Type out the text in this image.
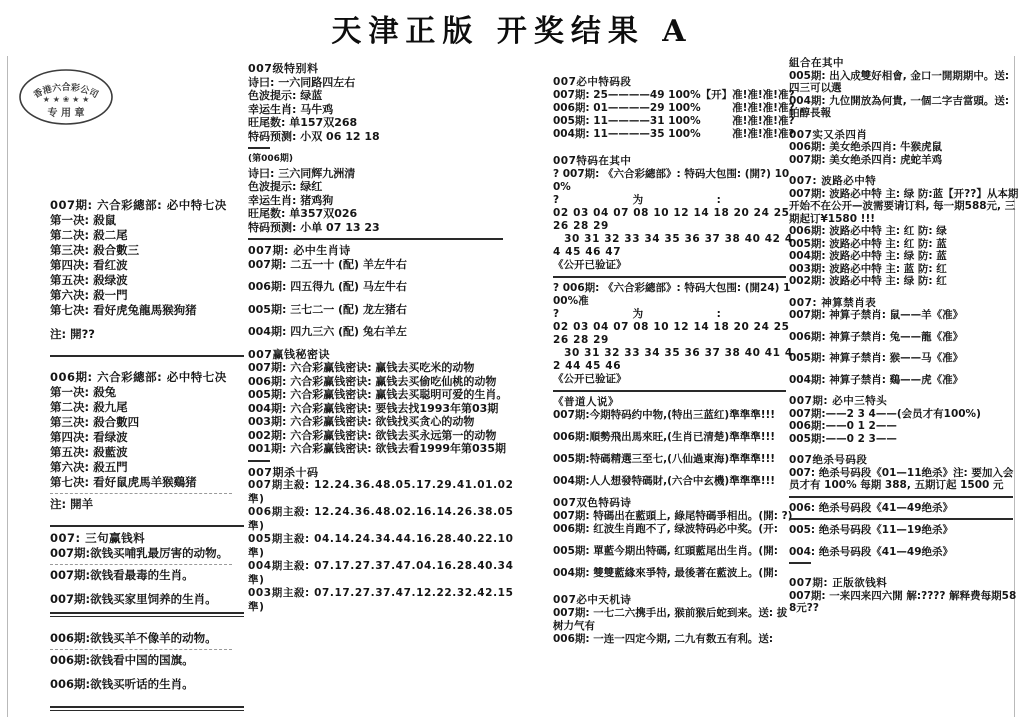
天津正版 开奖结果 A
香港六合彩公司
★ ★ ❀ ★ ★
专 用 章
007期: 六合彩總部: 必中特七决
第一决: 殺鼠
第二决: 殺二尾
第三决: 殺合數三
第四决: 看红波
第五决: 殺绿波
第六决: 殺一門
第七决: 看好虎兔龍馬猴狗猪
注: 開??
006期: 六合彩總部: 必中特七决
第一决: 殺兔
第二决: 殺九尾
第三决: 殺合數四
第四决: 看绿波
第五决: 殺藍波
第六决: 殺五門
第七决: 看好鼠虎馬羊猴鷄猪
注: 開羊
007: 三句赢钱料
007期:欲钱买哺乳最厉害的动物。
007期:欲钱看最毒的生肖。
007期:欲钱买家里饲养的生肖。
006期:欲钱买羊不像羊的动物。
006期:欲钱看中国的国旗。
006期:欲钱买听话的生肖。
007级特别料
诗曰: 一六同路四左右
色波提示: 绿蓝
幸运生肖: 马牛鸡
旺尾数: 单157双268
特码预测: 小双 06 12 18
(第006期)
诗曰: 三六同辉九洲清
色波提示: 绿红
幸运生肖: 猪鸡狗
旺尾数: 单357双026
特码预测: 小单 07 13 23
007期: 必中生肖诗
007期: 二五一十 (配) 羊左牛右
006期: 四五得九 (配) 马左牛右
005期: 三七二一 (配) 龙左猪右
004期: 四九三六 (配) 兔右羊左
007赢钱秘密诀
007期: 六合彩赢钱密诀: 赢钱去买吃米的动物
006期: 六合彩赢钱密诀: 赢钱去买偷吃仙桃的动物
005期: 六合彩赢钱密诀: 赢钱去买聪明可爱的生肖。
004期: 六合彩赢钱密诀: 要钱去找1993年第03期
003期: 六合彩赢钱密诀: 欲钱找买贪心的动物
002期: 六合彩赢钱密诀: 欲钱去买永远第一的动物
001期: 六合彩赢钱密诀: 欲钱去看1999年第035期
007期杀十码
007期主殺: 12.24.36.48.05.17.29.41.01.02 準)
006期主殺: 12.24.36.48.02.16.14.26.38.05 準)
005期主殺: 04.14.24.34.44.16.28.40.22.10 準)
004期主殺: 07.17.27.37.47.04.16.28.40.34 準)
003期主殺: 07.17.27.37.47.12.22.32.42.15 準)
007必中特码段
007期: 25————49 100%【开】准!准!准!准?
006期: 01————29 100%　　　准!准!准!准?
005期: 11————31 100%　　　准!准!准!准?
004期: 11————35 100%　　　准!准!准!准?
007特码在其中
? 007期: 《六合彩總部》: 特码大包围: (開?) 100%
?　　　　　　　为　　　　　　　:
02 03 04 07 08 10 12 14 18 20 24 25 26 28 29
　30 31 32 33 34 35 36 37 38 40 42 44 45 46 47
《公开已验证》
? 006期: 《六合彩總部》: 特码大包围: (開24) 100%准
?　　　　　　　为　　　　　　　:
02 03 04 07 08 10 12 14 18 20 24 25 26 28 29
　30 31 32 33 34 35 36 37 38 40 41 42 44 45 46
《公开已验证》
《普道人说》
007期:今期特码约中物,(特出三蓝红)準準準!!!
006期:順勢飛出馬來旺,(生肖已清楚)準準準!!!
005期:特碼精選三至七,(八仙過東海)準準準!!!
004期:人人想發特碼財,(六合中玄機)準準準!!!
007双色特码诗
007期: 特碼出在藍頭上, 綠尾特碼爭相出。(開: ?)
006期: 红波生肖跑不了, 绿波特码必中奖。(开:
005期: 單藍今期出特碼, 红頭藍尾出生肖。(開:
004期: 雙雙藍緣來爭特, 最後著在藍波上。(開:
007必中天机诗
007期: 一七二六携手出, 猴前猴后蛇到来。送: 拔树力气有
006期: 一连一四定今期, 二九有数五有利。送:
組合在其中
005期: 出入成雙好相會, 金口一開期期中。送: 四三可以選
004期: 九位開放為何貴, 一個二字吉當頭。送: 帕醇長報
007实又杀四肖
006期: 美女绝杀四肖: 牛猴虎鼠
007期: 美女绝杀四肖: 虎蛇羊鸡
007: 波路必中特
007期: 波路必中特 主: 绿 防:蓝【开??】从本期开始不在公开—波需要请订料, 每一期588元, 三期起订¥1580 !!!
006期: 波路必中特 主: 红 防: 绿
005期: 波路必中特 主: 红 防: 蓝
004期: 波路必中特 主: 绿 防: 蓝
003期: 波路必中特 主: 蓝 防: 红
002期: 波路必中特 主: 绿 防: 红
007: 神算禁肖表
007期: 神算子禁肖: 鼠——羊《准》
006期: 神算子禁肖: 兔——龍《准》
005期: 神算子禁肖: 猴——马《准》
004期: 神算子禁肖: 鷄——虎《准》
007期: 必中三特头
007期:——2 3 4——(会员才有100%)
006期:——0 1 2——
005期:——0 2 3——
007绝杀号码段
007: 绝杀号码段《01—11绝杀》注: 要加入会员才有 100% 每期 388, 五期订起 1500 元
006: 绝杀号码段《41—49绝杀》
005: 绝杀号码段《11—19绝杀》
004: 绝杀号码段《41—49绝杀》
007期: 正版欲钱料
007期: 一来四来四六開 解:???? 解释费每期588元??
